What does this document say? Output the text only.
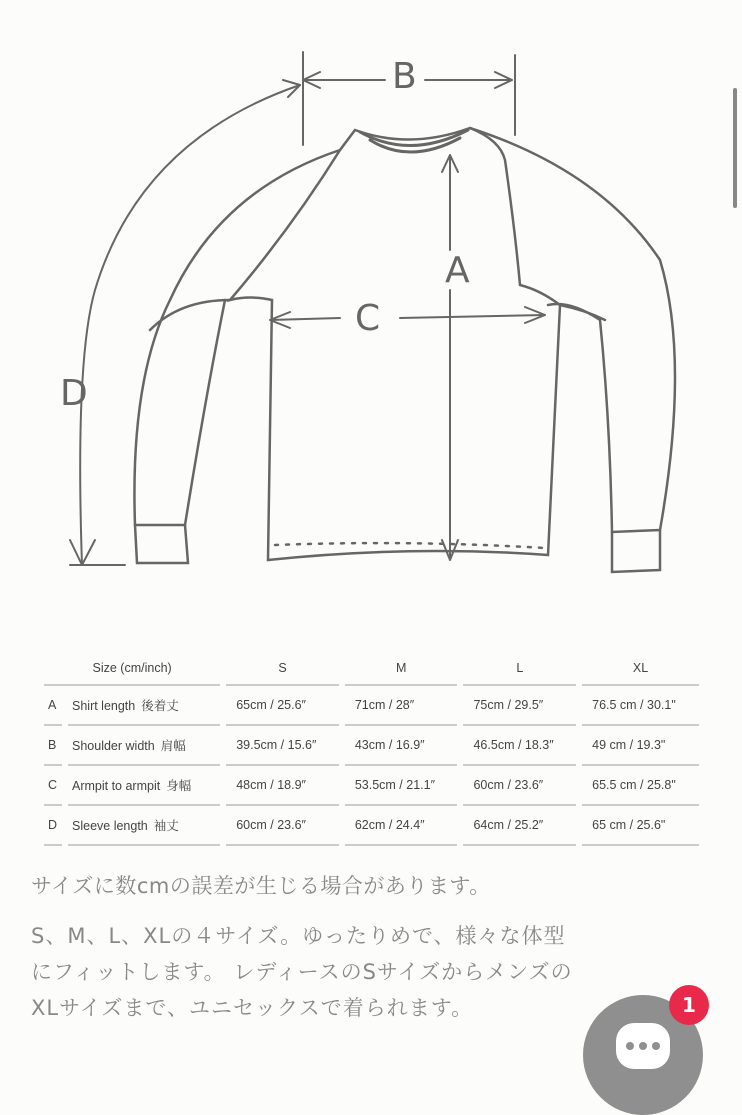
B
A
C
D
Size (cm/inch)		S	M	L	XL
A	Shirt length 後着丈	65cm / 25.6″	71cm / 28″	75cm / 29.5″	76.5 cm / 30.1"
B	Shoulder width 肩幅	39.5cm / 15.6″	43cm / 16.9″	46.5cm / 18.3″	49 cm / 19.3"
C	Armpit to armpit 身幅	48cm / 18.9″	53.5cm / 21.1″	60cm / 23.6″	65.5 cm / 25.8"
D	Sleeve length 袖丈	60cm / 23.6″	62cm / 24.4″	64cm / 25.2″	65 cm / 25.6"
サイズに数cmの誤差が生じる場合があります。

S、M、L、XLの４サイズ。ゆったりめで、様々な体型にフィットします。 レディースのSサイズからメンズのXLサイズまで、ユニセックスで着られます。	1
